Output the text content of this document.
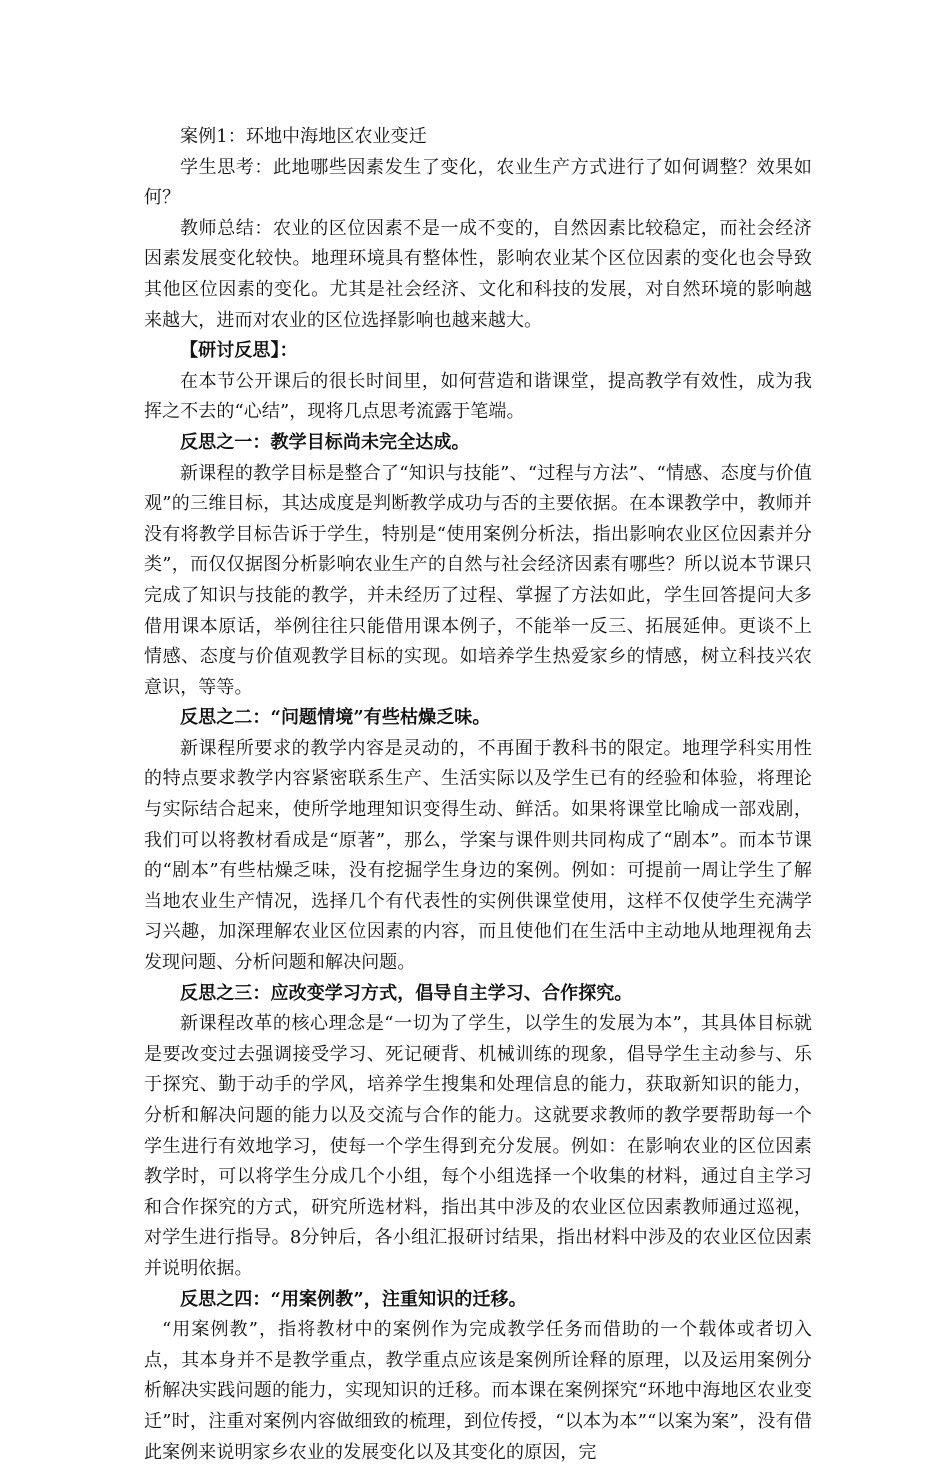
案例1：环地中海地区农业变迁

学生思考：此地哪些因素发生了变化，农业生产方式进行了如何调整？效果如何？

教师总结：农业的区位因素不是一成不变的，自然因素比较稳定，而社会经济因素发展变化较快。地理环境具有整体性，影响农业某个区位因素的变化也会导致其他区位因素的变化。尤其是社会经济、文化和科技的发展，对自然环境的影响越来越大，进而对农业的区位选择影响也越来越大。

【研讨反思】：

在本节公开课后的很长时间里，如何营造和谐课堂，提高教学有效性，成为我挥之不去的“心结”，现将几点思考流露于笔端。

反思之一：教学目标尚未完全达成。

新课程的教学目标是整合了“知识与技能”、“过程与方法”、“情感、态度与价值观”的三维目标，其达成度是判断教学成功与否的主要依据。在本课教学中，教师并没有将教学目标告诉于学生，特别是“使用案例分析法，指出影响农业区位因素并分类”，而仅仅据图分析影响农业生产的自然与社会经济因素有哪些？所以说本节课只完成了知识与技能的教学，并未经历了过程、掌握了方法如此，学生回答提问大多借用课本原话，举例往往只能借用课本例子，不能举一反三、拓展延伸。更谈不上情感、态度与价值观教学目标的实现。如培养学生热爱家乡的情感，树立科技兴农意识，等等。

反思之二：“问题情境”有些枯燥乏味。

新课程所要求的教学内容是灵动的，不再囿于教科书的限定。地理学科实用性的特点要求教学内容紧密联系生产、生活实际以及学生已有的经验和体验，将理论与实际结合起来，使所学地理知识变得生动、鲜活。如果将课堂比喻成一部戏剧，我们可以将教材看成是“原著”，那么，学案与课件则共同构成了“剧本”。而本节课的“剧本”有些枯燥乏味，没有挖掘学生身边的案例。例如：可提前一周让学生了解当地农业生产情况，选择几个有代表性的实例供课堂使用，这样不仅使学生充满学习兴趣，加深理解农业区位因素的内容，而且使他们在生活中主动地从地理视角去发现问题、分析问题和解决问题。

反思之三：应改变学习方式，倡导自主学习、合作探究。

新课程改革的核心理念是“一切为了学生，以学生的发展为本”，其具体目标就是要改变过去强调接受学习、死记硬背、机械训练的现象，倡导学生主动参与、乐于探究、勤于动手的学风，培养学生搜集和处理信息的能力，获取新知识的能力，分析和解决问题的能力以及交流与合作的能力。这就要求教师的教学要帮助每一个学生进行有效地学习，使每一个学生得到充分发展。例如：在影响农业的区位因素教学时，可以将学生分成几个小组，每个小组选择一个收集的材料，通过自主学习和合作探究的方式，研究所选材料，指出其中涉及的农业区位因素教师通过巡视，对学生进行指导。8分钟后，各小组汇报研讨结果，指出材料中涉及的农业区位因素并说明依据。

反思之四：“用案例教”，注重知识的迁移。

“用案例教”，指将教材中的案例作为完成教学任务而借助的一个载体或者切入点，其本身并不是教学重点，教学重点应该是案例所诠释的原理，以及运用案例分析解决实践问题的能力，实现知识的迁移。而本课在案例探究“环地中海地区农业变迁”时，注重对案例内容做细致的梳理，到位传授，“以本为本”“以案为案”，没有借此案例来说明家乡农业的发展变化以及其变化的原因，完
